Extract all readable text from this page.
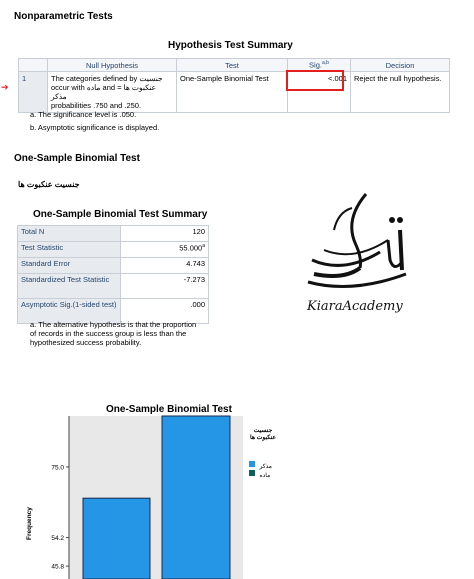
Nonparametric Tests
Hypothesis Test Summary
➔
	Null Hypothesis	Test	Sig.$^{a,b}$	Decision
1	The categories defined by جنسیت
occur with ماده and عنکبوت ها = مذکر
probabilities .750 and .250.	One-Sample Binomial Test	<.001	Reject the null hypothesis.
a. The significance level is .050.
b. Asymptotic significance is displayed.
One-Sample Binomial Test
جنسیت عنکبوت ها
One-Sample Binomial Test Summary
Total N	120
Test Statistic	55.000$^a$
Standard Error	4.743
Standardized Test Statistic	-7.273
Asymptotic Sig.(1-sided test)	.000
a. The alternative hypothesis is that the proportion of records in the success group is less than the hypothesized success probability.
KiaraAcademy
One-Sample Binomial Test
75.0
54.2
45.8
جنسیت عنکبوت ها
مذکر
ماده
Frequency
